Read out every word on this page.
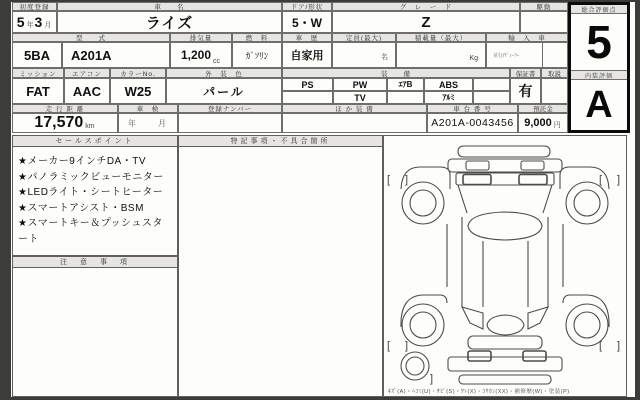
初度登録	車　　名	ドア/形状	グ　レ　ー　ド	駆動
5 年 3 月	ライズ	5・W	Z
型　　式	排気量	燃　料	車　歴	定員(最大)	積載量（最大）	輸　入　車
5BA	A201A	1,200 cc
ｶﾞｿﾘﾝ	自家用	名	Kg	並行/ﾃﾞｨｰﾗｰ
ミッション	エアコン	カラーNo.	外　装　色	装　　備	保証書	取説
FAT	AAC	W25	パール	PS	PW	ｴｱB	ABS
TV	ｱﾙﾐ	有
走 行 距 離	車　検	登録ナンバー	ほ か 装 備	車 台 番 号	預託金
17,570 km	年　　月	A201A-0043456 9,000 円
総合評価点
5
内装評価
A
セールスポイント
★メーカー9インチDA・TV
★パノラミックビューモニター
★LEDライト・シートヒーター
★スマートアシスト・BSM
★スマートキー＆プッシュスタート
注　意　事　項
特記事項・不具合箇所
[ ]	[ ]
[ ]	[ ]
]
ｷｽﾞ(A)・ﾍｺﾐ(U)・ｻﾋﾞ(S)・ﾜﾚ(X)・ｺｳｶﾝ(XX)・補修歴(W)・塗装(P)
